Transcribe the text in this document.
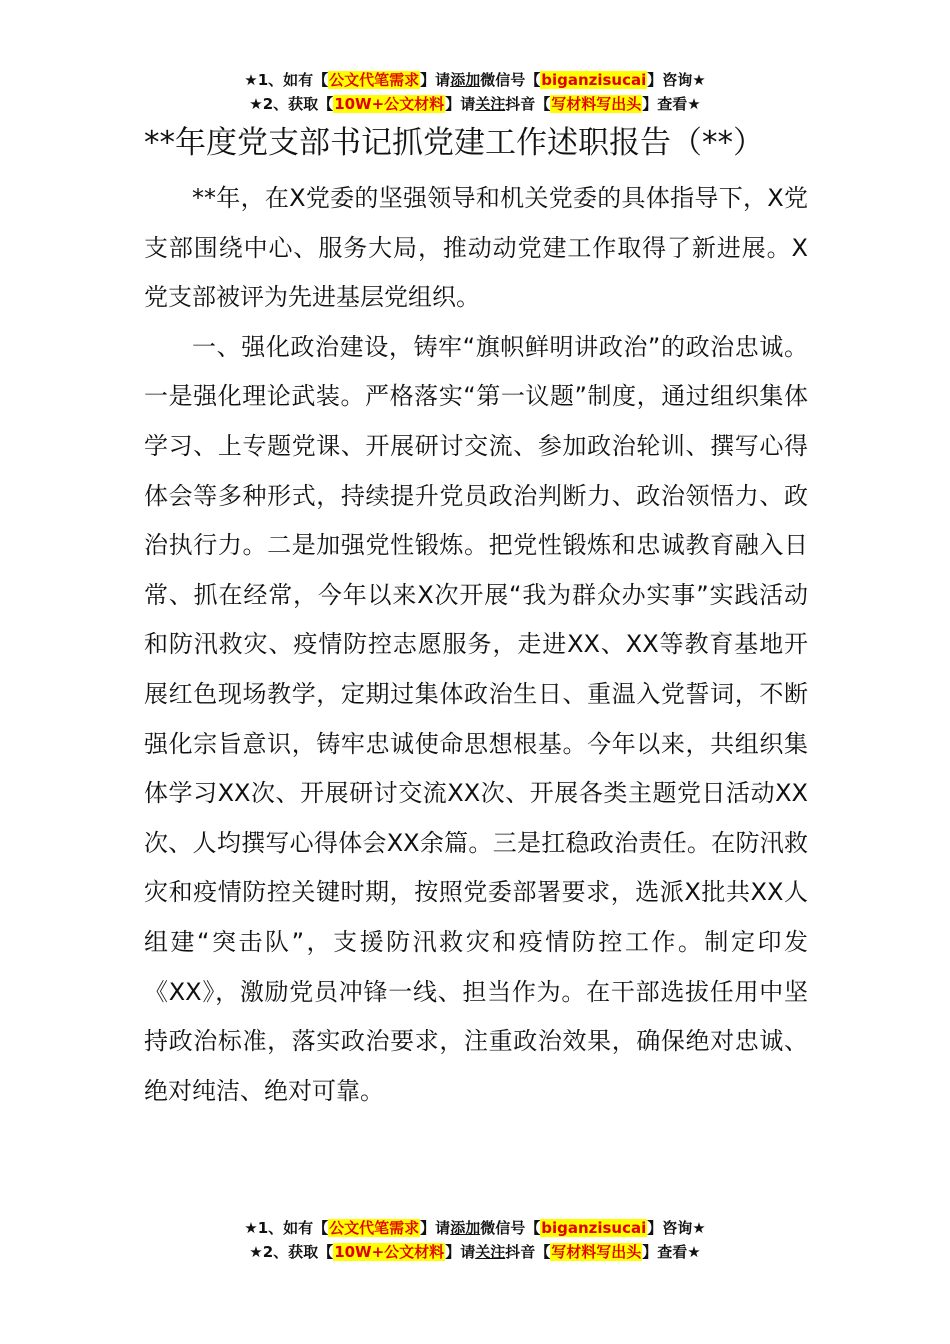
★1、如有【公文代笔需求】请添加微信号【biganzisucai】咨询★
★2、获取【10W+公文材料】请关注抖音【写材料写出头】查看★
**年度党支部书记抓党建工作述职报告（**）

**年，在X党委的坚强领导和机关党委的具体指导下，X党支部围绕中心、服务大局，推动动党建工作取得了新进展。X党支部被评为先进基层党组织。

一、强化政治建设，铸牢“旗帜鲜明讲政治”的政治忠诚。一是强化理论武装。严格落实“第一议题”制度，通过组织集体学习、上专题党课、开展研讨交流、参加政治轮训、撰写心得体会等多种形式，持续提升党员政治判断力、政治领悟力、政治执行力。二是加强党性锻炼。把党性锻炼和忠诚教育融入日常、抓在经常，今年以来X次开展“我为群众办实事”实践活动和防汛救灾、疫情防控志愿服务，走进XX、XX等教育基地开展红色现场教学，定期过集体政治生日、重温入党誓词，不断强化宗旨意识，铸牢忠诚使命思想根基。今年以来，共组织集体学习XX次、开展研讨交流XX次、开展各类主题党日活动XX次、人均撰写心得体会XX余篇。三是扛稳政治责任。在防汛救灾和疫情防控关键时期，按照党委部署要求，选派X批共XX人组建“突击队”，支援防汛救灾和疫情防控工作。制定印发《XX》，激励党员冲锋一线、担当作为。在干部选拔任用中坚持政治标准，落实政治要求，注重政治效果，确保绝对忠诚、绝对纯洁、绝对可靠。

★1、如有【公文代笔需求】请添加微信号【biganzisucai】咨询★
★2、获取【10W+公文材料】请关注抖音【写材料写出头】查看★
